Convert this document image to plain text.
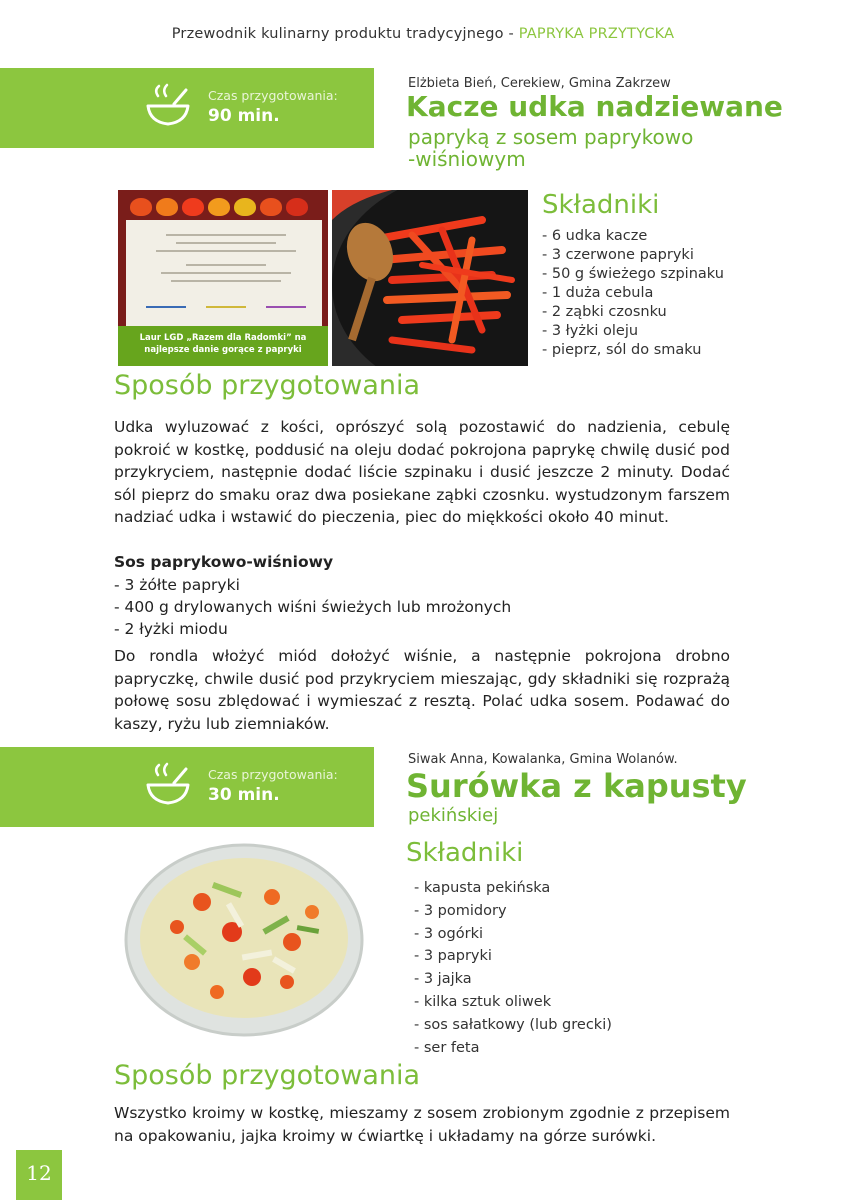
Przewodnik kulinarny produktu tradycyjnego - PAPRYKA PRZYTYCKA
Czas przygotowania:
90 min.
Elżbieta Bień, Cerekiew, Gmina Zakrzew
Kacze udka nadziewane
papryką z sosem paprykowo
-wiśniowym
Laur LGD „Razem dla Radomki” na
najlepsze danie gorące z papryki
Składniki
- 6 udka kacze
- 3 czerwone papryki
- 50 g świeżego szpinaku
- 1 duża cebula
- 2 ząbki czosnku
- 3 łyżki oleju
- pieprz, sól do smaku
Sposób przygotowania
Udka wyluzować z kości, oprószyć solą pozostawić do nadzienia, cebulę pokroić w kostkę, poddusić na oleju dodać pokrojona paprykę chwilę dusić pod przykryciem, następnie dodać liście szpinaku i dusić jeszcze 2 minuty. Dodać sól pieprz do smaku oraz dwa posiekane ząbki czosnku. wystudzonym farszem nadziać udka i wstawić do pieczenia, piec do miękkości około 40 minut.
Sos paprykowo-wiśniowy
- 3 żółte papryki
- 400 g drylowanych wiśni świeżych lub mrożonych
- 2 łyżki miodu
Do rondla włożyć miód dołożyć wiśnie, a następnie pokrojona drobno papryczkę, chwile dusić pod przykryciem mieszając, gdy składniki się rozprażą połowę sosu zblędować i wymieszać z resztą. Polać udka sosem. Podawać do kaszy, ryżu lub ziemniaków.
Czas przygotowania:
30 min.
Siwak Anna, Kowalanka, Gmina Wolanów.
Surówka z kapusty
pekińskiej
Składniki
- kapusta pekińska
- 3 pomidory
- 3 ogórki
- 3 papryki
- 3 jajka
- kilka sztuk oliwek
- sos sałatkowy (lub grecki)
- ser feta
Sposób przygotowania
Wszystko kroimy w kostkę, mieszamy z sosem zrobionym zgodnie z przepisem na opakowaniu, jajka kroimy w ćwiartkę i układamy na górze surówki.
12
